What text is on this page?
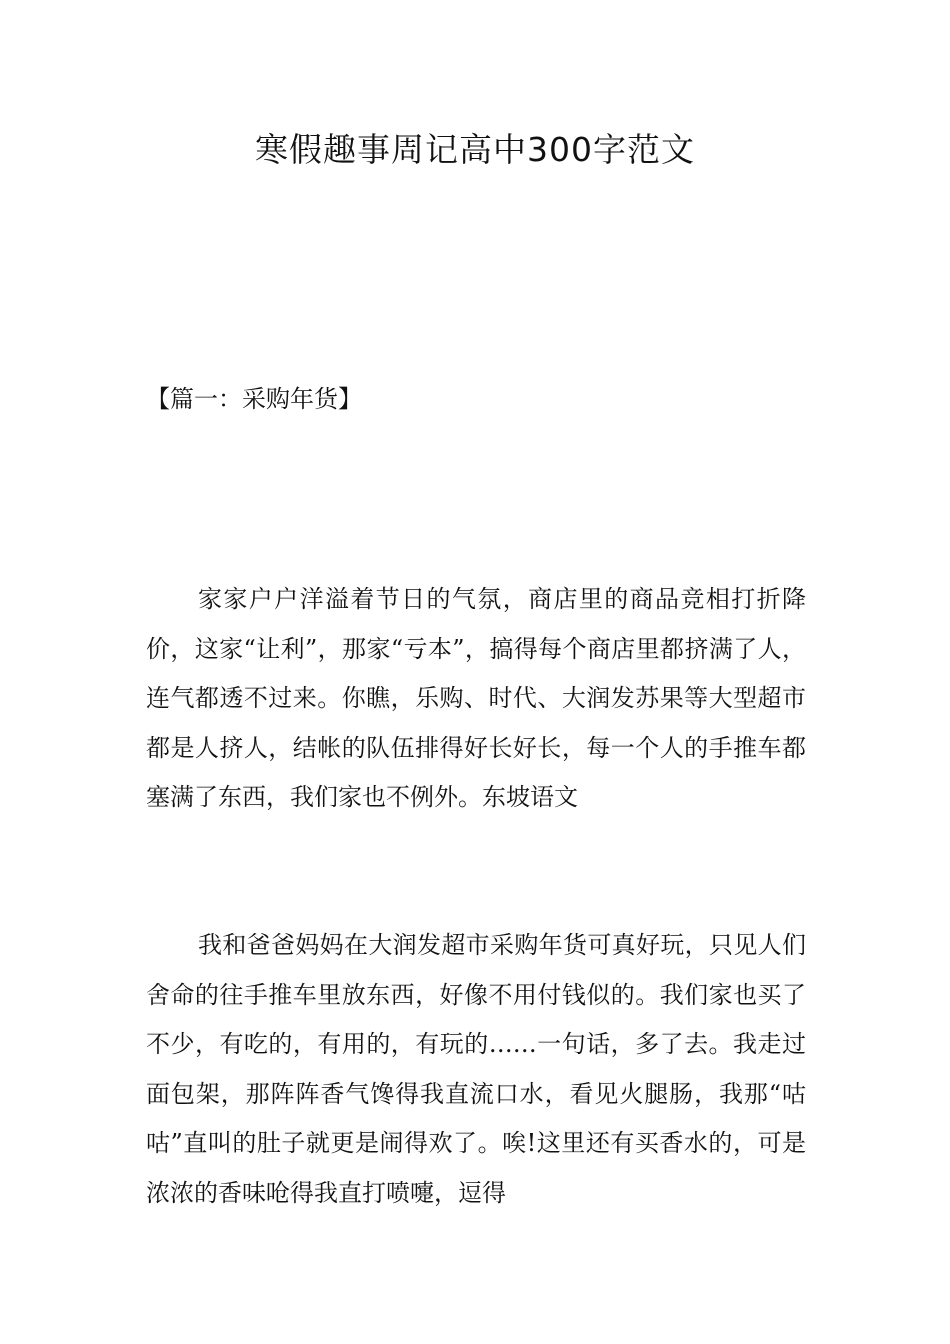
寒假趣事周记高中300字范文

【篇一：采购年货】

家家户户洋溢着节日的气氛，商店里的商品竞相打折降价，这家“让利”，那家“亏本”，搞得每个商店里都挤满了人，连气都透不过来。你瞧，乐购、时代、大润发苏果等大型超市都是人挤人，结帐的队伍排得好长好长，每一个人的手推车都塞满了东西，我们家也不例外。东坡语文

我和爸爸妈妈在大润发超市采购年货可真好玩，只见人们舍命的往手推车里放东西，好像不用付钱似的。我们家也买了不少，有吃的，有用的，有玩的……一句话，多了去。我走过面包架，那阵阵香气馋得我直流口水，看见火腿肠，我那“咕咕”直叫的肚子就更是闹得欢了。唉!这里还有买香水的，可是浓浓的香味呛得我直打喷嚏，逗得
